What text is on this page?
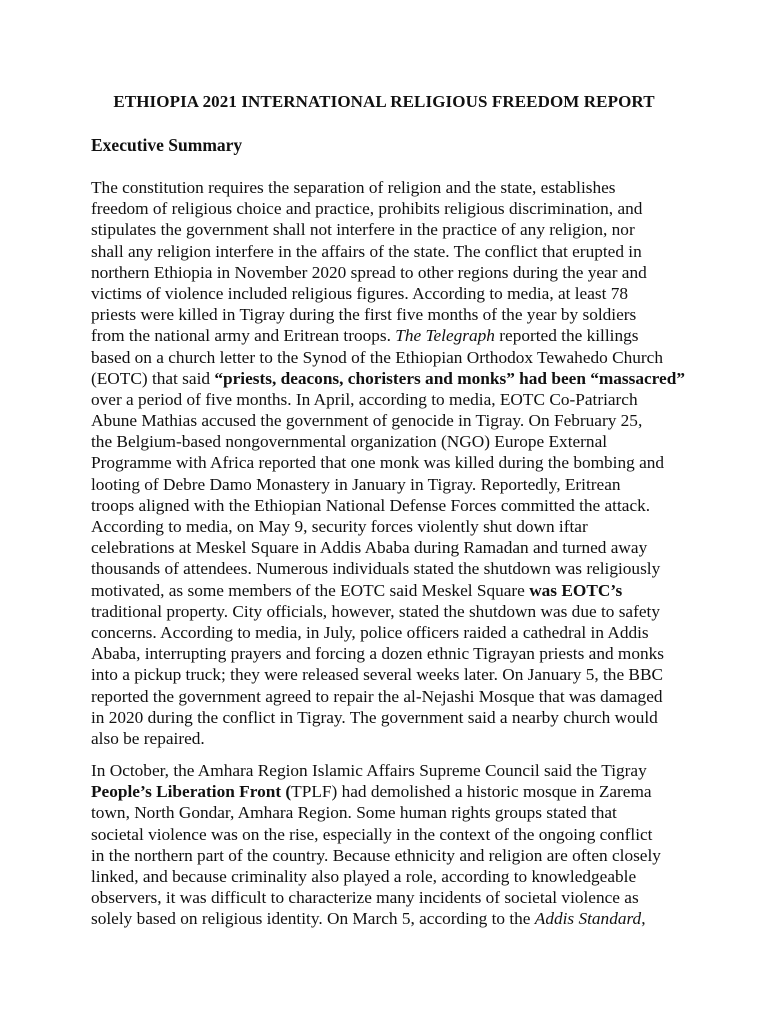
ETHIOPIA 2021 INTERNATIONAL RELIGIOUS FREEDOM REPORT
Executive Summary
The constitution requires the separation of religion and the state, establishes
freedom of religious choice and practice, prohibits religious discrimination, and
stipulates the government shall not interfere in the practice of any religion, nor
shall any religion interfere in the affairs of the state. The conflict that erupted in
northern Ethiopia in November 2020 spread to other regions during the year and
victims of violence included religious figures. According to media, at least 78
priests were killed in Tigray during the first five months of the year by soldiers
from the national army and Eritrean troops. The Telegraph reported the killings
based on a church letter to the Synod of the Ethiopian Orthodox Tewahedo Church
(EOTC) that said “priests, deacons, choristers and monks” had been “massacred”
over a period of five months. In April, according to media, EOTC Co-Patriarch
Abune Mathias accused the government of genocide in Tigray. On February 25,
the Belgium-based nongovernmental organization (NGO) Europe External
Programme with Africa reported that one monk was killed during the bombing and
looting of Debre Damo Monastery in January in Tigray. Reportedly, Eritrean
troops aligned with the Ethiopian National Defense Forces committed the attack.
According to media, on May 9, security forces violently shut down iftar
celebrations at Meskel Square in Addis Ababa during Ramadan and turned away
thousands of attendees. Numerous individuals stated the shutdown was religiously
motivated, as some members of the EOTC said Meskel Square was EOTC’s
traditional property. City officials, however, stated the shutdown was due to safety
concerns. According to media, in July, police officers raided a cathedral in Addis
Ababa, interrupting prayers and forcing a dozen ethnic Tigrayan priests and monks
into a pickup truck; they were released several weeks later. On January 5, the BBC
reported the government agreed to repair the al-Nejashi Mosque that was damaged
in 2020 during the conflict in Tigray. The government said a nearby church would
also be repaired.
In October, the Amhara Region Islamic Affairs Supreme Council said the Tigray
People’s Liberation Front (TPLF) had demolished a historic mosque in Zarema
town, North Gondar, Amhara Region. Some human rights groups stated that
societal violence was on the rise, especially in the context of the ongoing conflict
in the northern part of the country. Because ethnicity and religion are often closely
linked, and because criminality also played a role, according to knowledgeable
observers, it was difficult to characterize many incidents of societal violence as
solely based on religious identity. On March 5, according to the Addis Standard,
